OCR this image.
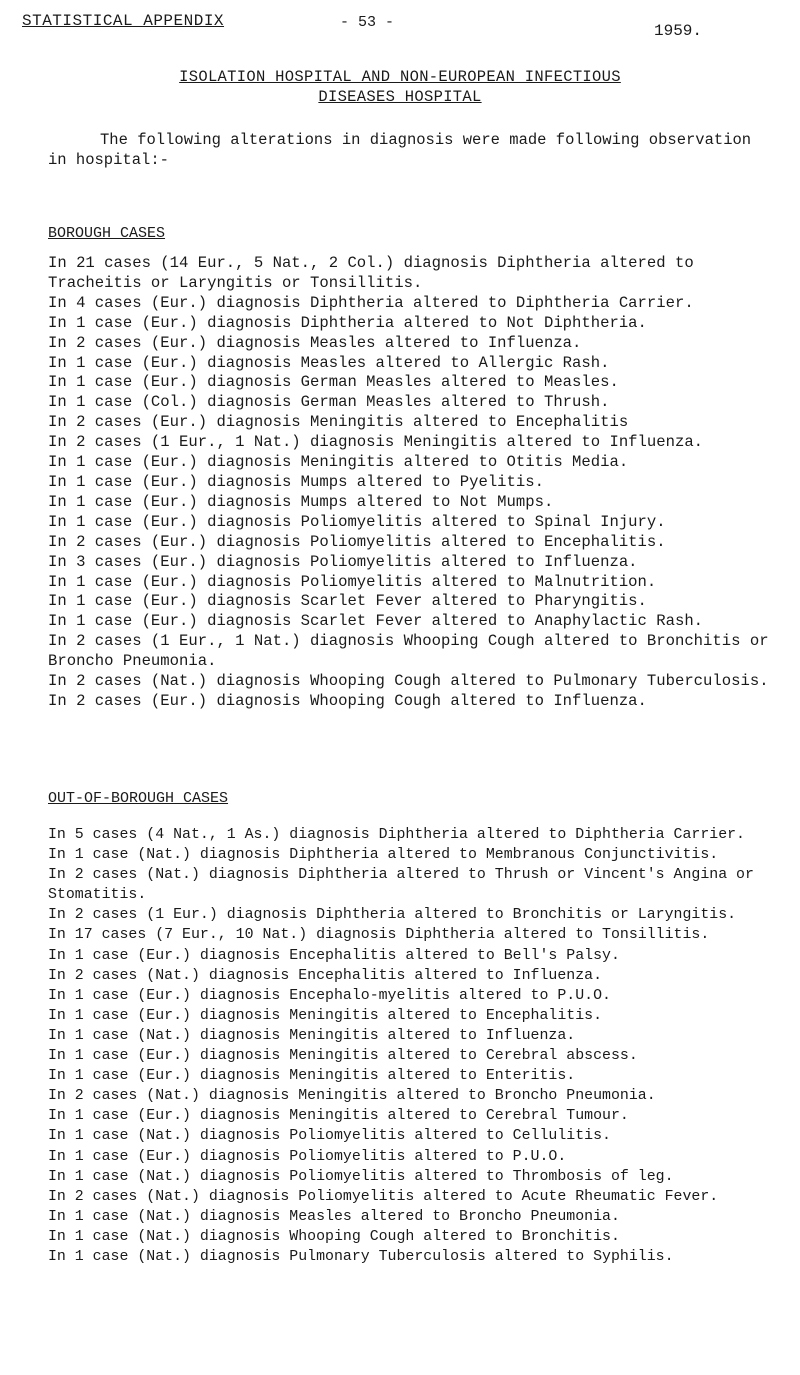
STATISTICAL APPENDIX	- 53 -	1959.
ISOLATION HOSPITAL AND NON-EUROPEAN INFECTIOUS
DISEASES HOSPITAL

The following alterations in diagnosis were made following observation in hospital:-

BOROUGH CASES
In 21 cases (14 Eur., 5 Nat., 2 Col.) diagnosis Diphtheria altered to Tracheitis or Laryngitis or Tonsillitis.
In 4 cases (Eur.) diagnosis Diphtheria altered to Diphtheria Carrier.
In 1 case (Eur.) diagnosis Diphtheria altered to Not Diphtheria.
In 2 cases (Eur.) diagnosis Measles altered to Influenza.
In 1 case (Eur.) diagnosis Measles altered to Allergic Rash.
In 1 case (Eur.) diagnosis German Measles altered to Measles.
In 1 case (Col.) diagnosis German Measles altered to Thrush.
In 2 cases (Eur.) diagnosis Meningitis altered to Encephalitis
In 2 cases (1 Eur., 1 Nat.) diagnosis Meningitis altered to Influenza.
In 1 case (Eur.) diagnosis Meningitis altered to Otitis Media.
In 1 case (Eur.) diagnosis Mumps altered to Pyelitis.
In 1 case (Eur.) diagnosis Mumps altered to Not Mumps.
In 1 case (Eur.) diagnosis Poliomyelitis altered to Spinal Injury.
In 2 cases (Eur.) diagnosis Poliomyelitis altered to Encephalitis.
In 3 cases (Eur.) diagnosis Poliomyelitis altered to Influenza.
In 1 case (Eur.) diagnosis Poliomyelitis altered to Malnutrition.
In 1 case (Eur.) diagnosis Scarlet Fever altered to Pharyngitis.
In 1 case (Eur.) diagnosis Scarlet Fever altered to Anaphylactic Rash.
In 2 cases (1 Eur., 1 Nat.) diagnosis Whooping Cough altered to Bronchitis or Broncho Pneumonia.
In 2 cases (Nat.) diagnosis Whooping Cough altered to Pulmonary Tuberculosis.
In 2 cases (Eur.) diagnosis Whooping Cough altered to Influenza.
OUT-OF-BOROUGH CASES
In 5 cases (4 Nat., 1 As.) diagnosis Diphtheria altered to Diphtheria Carrier.
In 1 case (Nat.) diagnosis Diphtheria altered to Membranous Conjunctivitis.
In 2 cases (Nat.) diagnosis Diphtheria altered to Thrush or Vincent's Angina or Stomatitis.
In 2 cases (1 Eur.) diagnosis Diphtheria altered to Bronchitis or Laryngitis.
In 17 cases (7 Eur., 10 Nat.) diagnosis Diphtheria altered to Tonsillitis.
In 1 case (Eur.) diagnosis Encephalitis altered to Bell's Palsy.
In 2 cases (Nat.) diagnosis Encephalitis altered to Influenza.
In 1 case (Eur.) diagnosis Encephalo-myelitis altered to P.U.O.
In 1 case (Eur.) diagnosis Meningitis altered to Encephalitis.
In 1 case (Nat.) diagnosis Meningitis altered to Influenza.
In 1 case (Eur.) diagnosis Meningitis altered to Cerebral abscess.
In 1 case (Eur.) diagnosis Meningitis altered to Enteritis.
In 2 cases (Nat.) diagnosis Meningitis altered to Broncho Pneumonia.
In 1 case (Eur.) diagnosis Meningitis altered to Cerebral Tumour.
In 1 case (Nat.) diagnosis Poliomyelitis altered to Cellulitis.
In 1 case (Eur.) diagnosis Poliomyelitis altered to P.U.O.
In 1 case (Nat.) diagnosis Poliomyelitis altered to Thrombosis of leg.
In 2 cases (Nat.) diagnosis Poliomyelitis altered to Acute Rheumatic Fever.
In 1 case (Nat.) diagnosis Measles altered to Broncho Pneumonia.
In 1 case (Nat.) diagnosis Whooping Cough altered to Bronchitis.
In 1 case (Nat.) diagnosis Pulmonary Tuberculosis altered to Syphilis.
